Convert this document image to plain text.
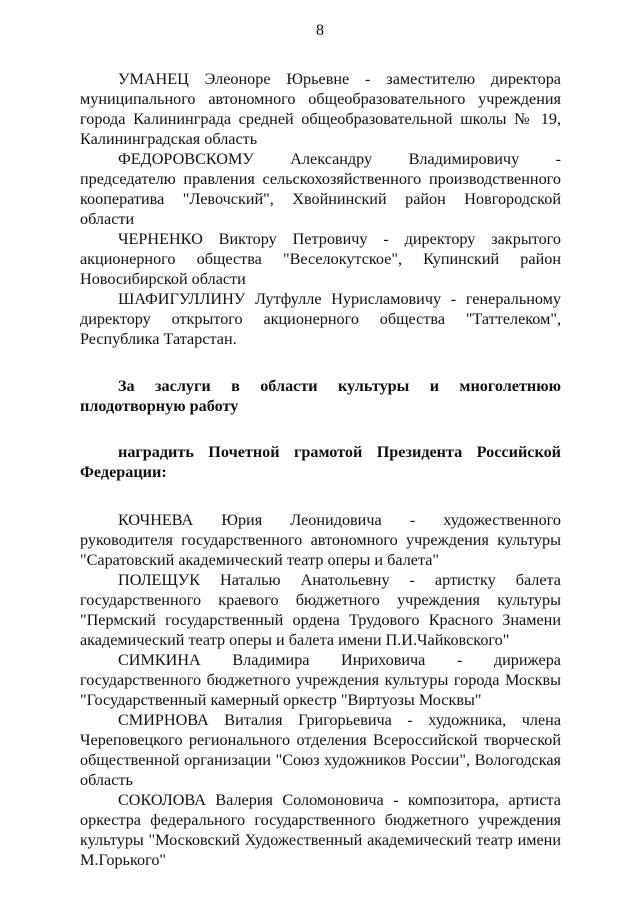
8

УМАНЕЦ Элеоноре Юрьевне - заместителю директора муниципального автономного общеобразовательного учреждения города Калининграда средней общеобразовательной школы № 19, Калининградская область

ФЕДОРОВСКОМУ Александру Владимировичу - председателю правления сельскохозяйственного производственного кооператива "Левочский", Хвойнинский район Новгородской области

ЧЕРНЕНКО Виктору Петровичу - директору закрытого акционерного общества "Веселокутское", Купинский район Новосибирской области

ШАФИГУЛЛИНУ Лутфулле Нурисламовичу - генеральному директору открытого акционерного общества "Таттелеком", Республика Татарстан.

За заслуги в области культуры и многолетнюю плодотворную работу

наградить Почетной грамотой Президента Российской Федерации:

КОЧНЕВА Юрия Леонидовича - художественного руководителя государственного автономного учреждения культуры "Саратовский академический театр оперы и балета"

ПОЛЕЩУК Наталью Анатольевну - артистку балета государственного краевого бюджетного учреждения культуры "Пермский государственный ордена Трудового Красного Знамени академический театр оперы и балета имени П.И.Чайковского"

СИМКИНА Владимира Инриховича - дирижера государственного бюджетного учреждения культуры города Москвы "Государственный камерный оркестр "Виртуозы Москвы"

СМИРНОВА Виталия Григорьевича - художника, члена Череповецкого регионального отделения Всероссийской творческой общественной организации "Союз художников России", Вологодская область

СОКОЛОВА Валерия Соломоновича - композитора, артиста оркестра федерального государственного бюджетного учреждения культуры "Московский Художественный академический театр имени М.Горького"
